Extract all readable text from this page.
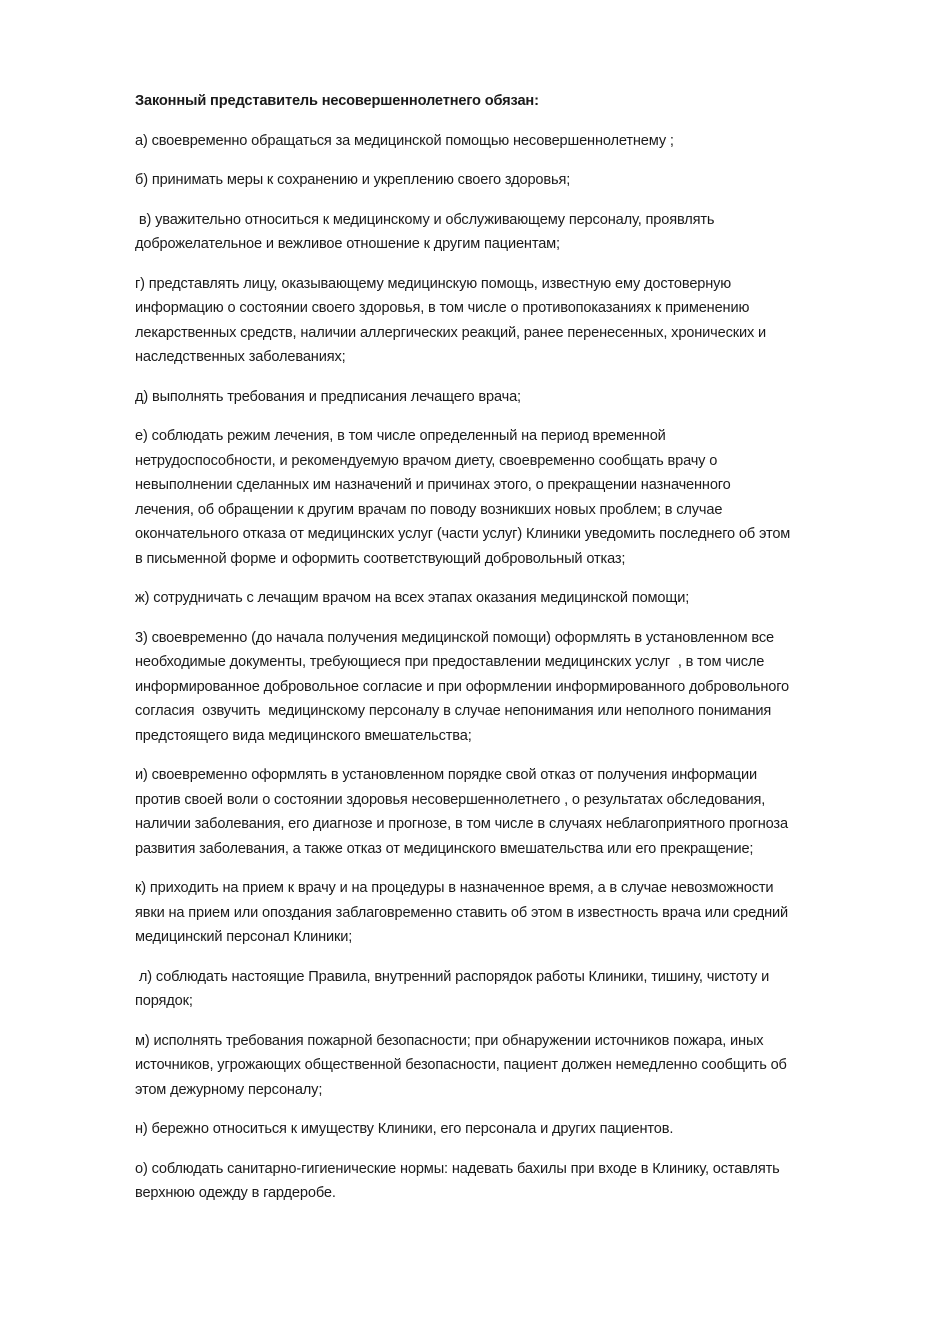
Законный представитель несовершеннолетнего обязан:
а) своевременно обращаться за медицинской помощью несовершеннолетнему ;
б) принимать меры к сохранению и укреплению своего здоровья;
в) уважительно относиться к медицинскому и обслуживающему персоналу, проявлять
доброжелательное и вежливое отношение к другим пациентам;
г) представлять лицу, оказывающему медицинскую помощь, известную ему достоверную
информацию о состоянии своего здоровья, в том числе о противопоказаниях к применению
лекарственных средств, наличии аллергических реакций, ранее перенесенных, хронических и
наследственных заболеваниях;
д) выполнять требования и предписания лечащего врача;
е) соблюдать режим лечения, в том числе определенный на период временной
нетрудоспособности, и рекомендуемую врачом диету, своевременно сообщать врачу о
невыполнении сделанных им назначений и причинах этого, о прекращении назначенного
лечения, об обращении к другим врачам по поводу возникших новых проблем; в случае
окончательного отказа от медицинских услуг (части услуг) Клиники уведомить последнего об этом
в письменной форме и оформить соответствующий добровольный отказ;
ж) сотрудничать с лечащим врачом на всех этапах оказания медицинской помощи;
3) своевременно (до начала получения медицинской помощи) оформлять в установленном все
необходимые документы, требующиеся при предоставлении медицинских услуг  , в том числе
информированное добровольное согласие и при оформлении информированного добровольного
согласия  озвучить  медицинскому персоналу в случае непонимания или неполного понимания
предстоящего вида медицинского вмешательства;
и) своевременно оформлять в установленном порядке свой отказ от получения информации
против своей воли о состоянии здоровья несовершеннолетнего , о результатах обследования,
наличии заболевания, его диагнозе и прогнозе, в том числе в случаях неблагоприятного прогноза
развития заболевания, а также отказ от медицинского вмешательства или его прекращение;
к) приходить на прием к врачу и на процедуры в назначенное время, а в случае невозможности
явки на прием или опоздания заблаговременно ставить об этом в известность врача или средний
медицинский персонал Клиники;
л) соблюдать настоящие Правила, внутренний распорядок работы Клиники, тишину, чистоту и
порядок;
м) исполнять требования пожарной безопасности; при обнаружении источников пожара, иных
источников, угрожающих общественной безопасности, пациент должен немедленно сообщить об
этом дежурному персоналу;
н) бережно относиться к имуществу Клиники, его персонала и других пациентов.
о) соблюдать санитарно-гигиенические нормы: надевать бахилы при входе в Клинику, оставлять
верхнюю одежду в гардеробе.
